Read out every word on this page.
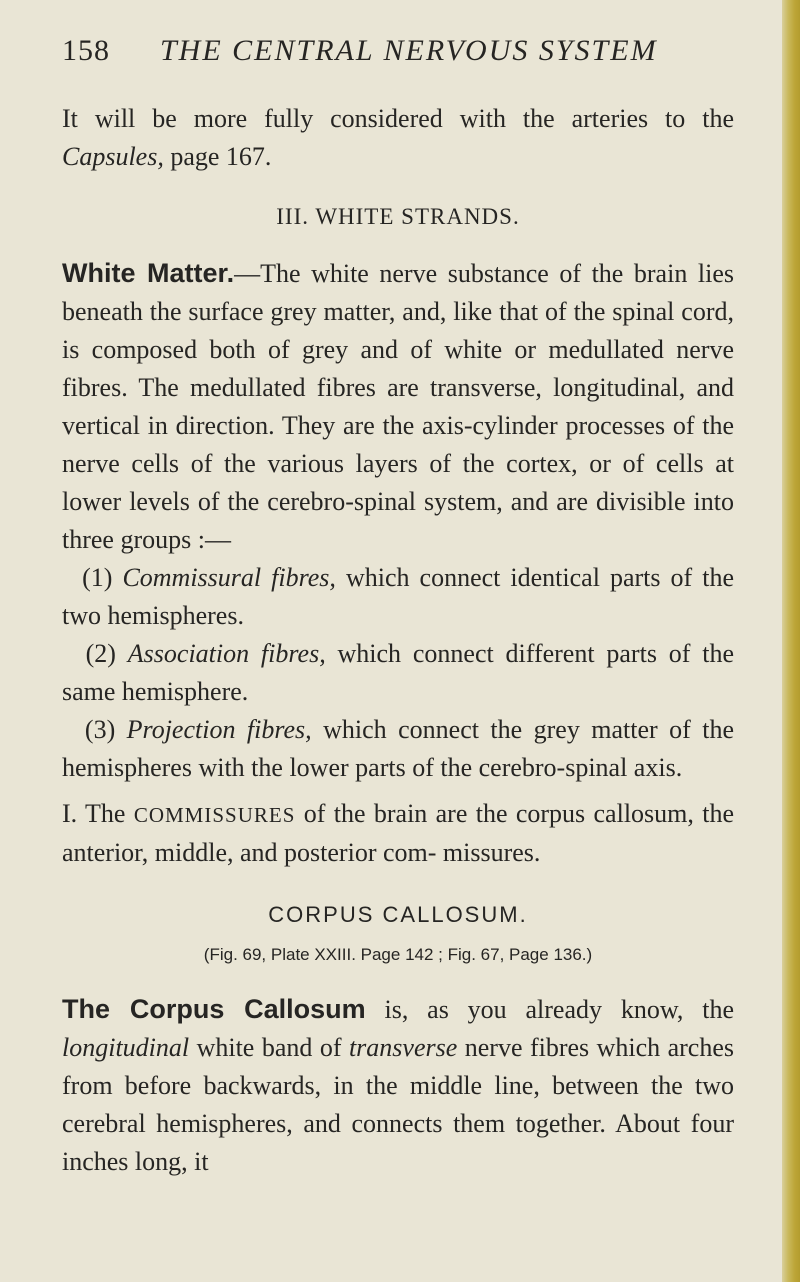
158 THE CENTRAL NERVOUS SYSTEM

It will be more fully considered with the arteries to the Capsules, page 167.

III. WHITE STRANDS.

White Matter.—The white nerve substance of the brain lies beneath the surface grey matter, and, like that of the spinal cord, is composed both of grey and of white or medullated nerve fibres. The medullated fibres are transverse, longitudinal, and vertical in direction. They are the axis-cylinder processes of the nerve cells of the various layers of the cortex, or of cells at lower levels of the cerebro-spinal system, and are divisible into three groups :—

(1) Commissural fibres, which connect identical parts of the two hemispheres.

(2) Association fibres, which connect different parts of the same hemisphere.

(3) Projection fibres, which connect the grey matter of the hemispheres with the lower parts of the cerebro-spinal axis.

I. The COMMISSURES of the brain are the corpus callosum, the anterior, middle, and posterior com- missures.

CORPUS CALLOSUM.
(Fig. 69, Plate XXIII. Page 142 ; Fig. 67, Page 136.)

The Corpus Callosum is, as you already know, the longitudinal white band of transverse nerve fibres which arches from before backwards, in the middle line, between the two cerebral hemispheres, and connects them together. About four inches long, it
